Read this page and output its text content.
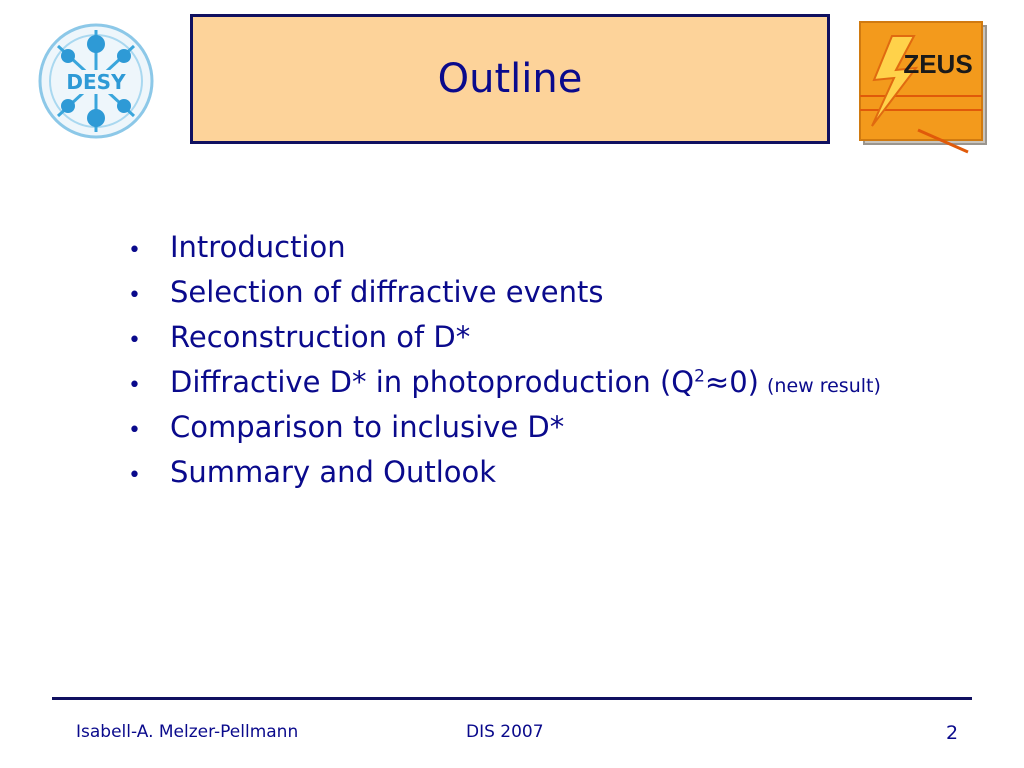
DESY	Outline	ZEUS
•	Introduction
•	Selection of diffractive events
•	Reconstruction of D*
•	Diffractive D* in photoproduction $(Q^2\approx 0)$ (new result)
•	Comparison to inclusive D*
•	Summary and Outlook
Isabell-A. Melzer-Pellmann	DIS 2007	2
